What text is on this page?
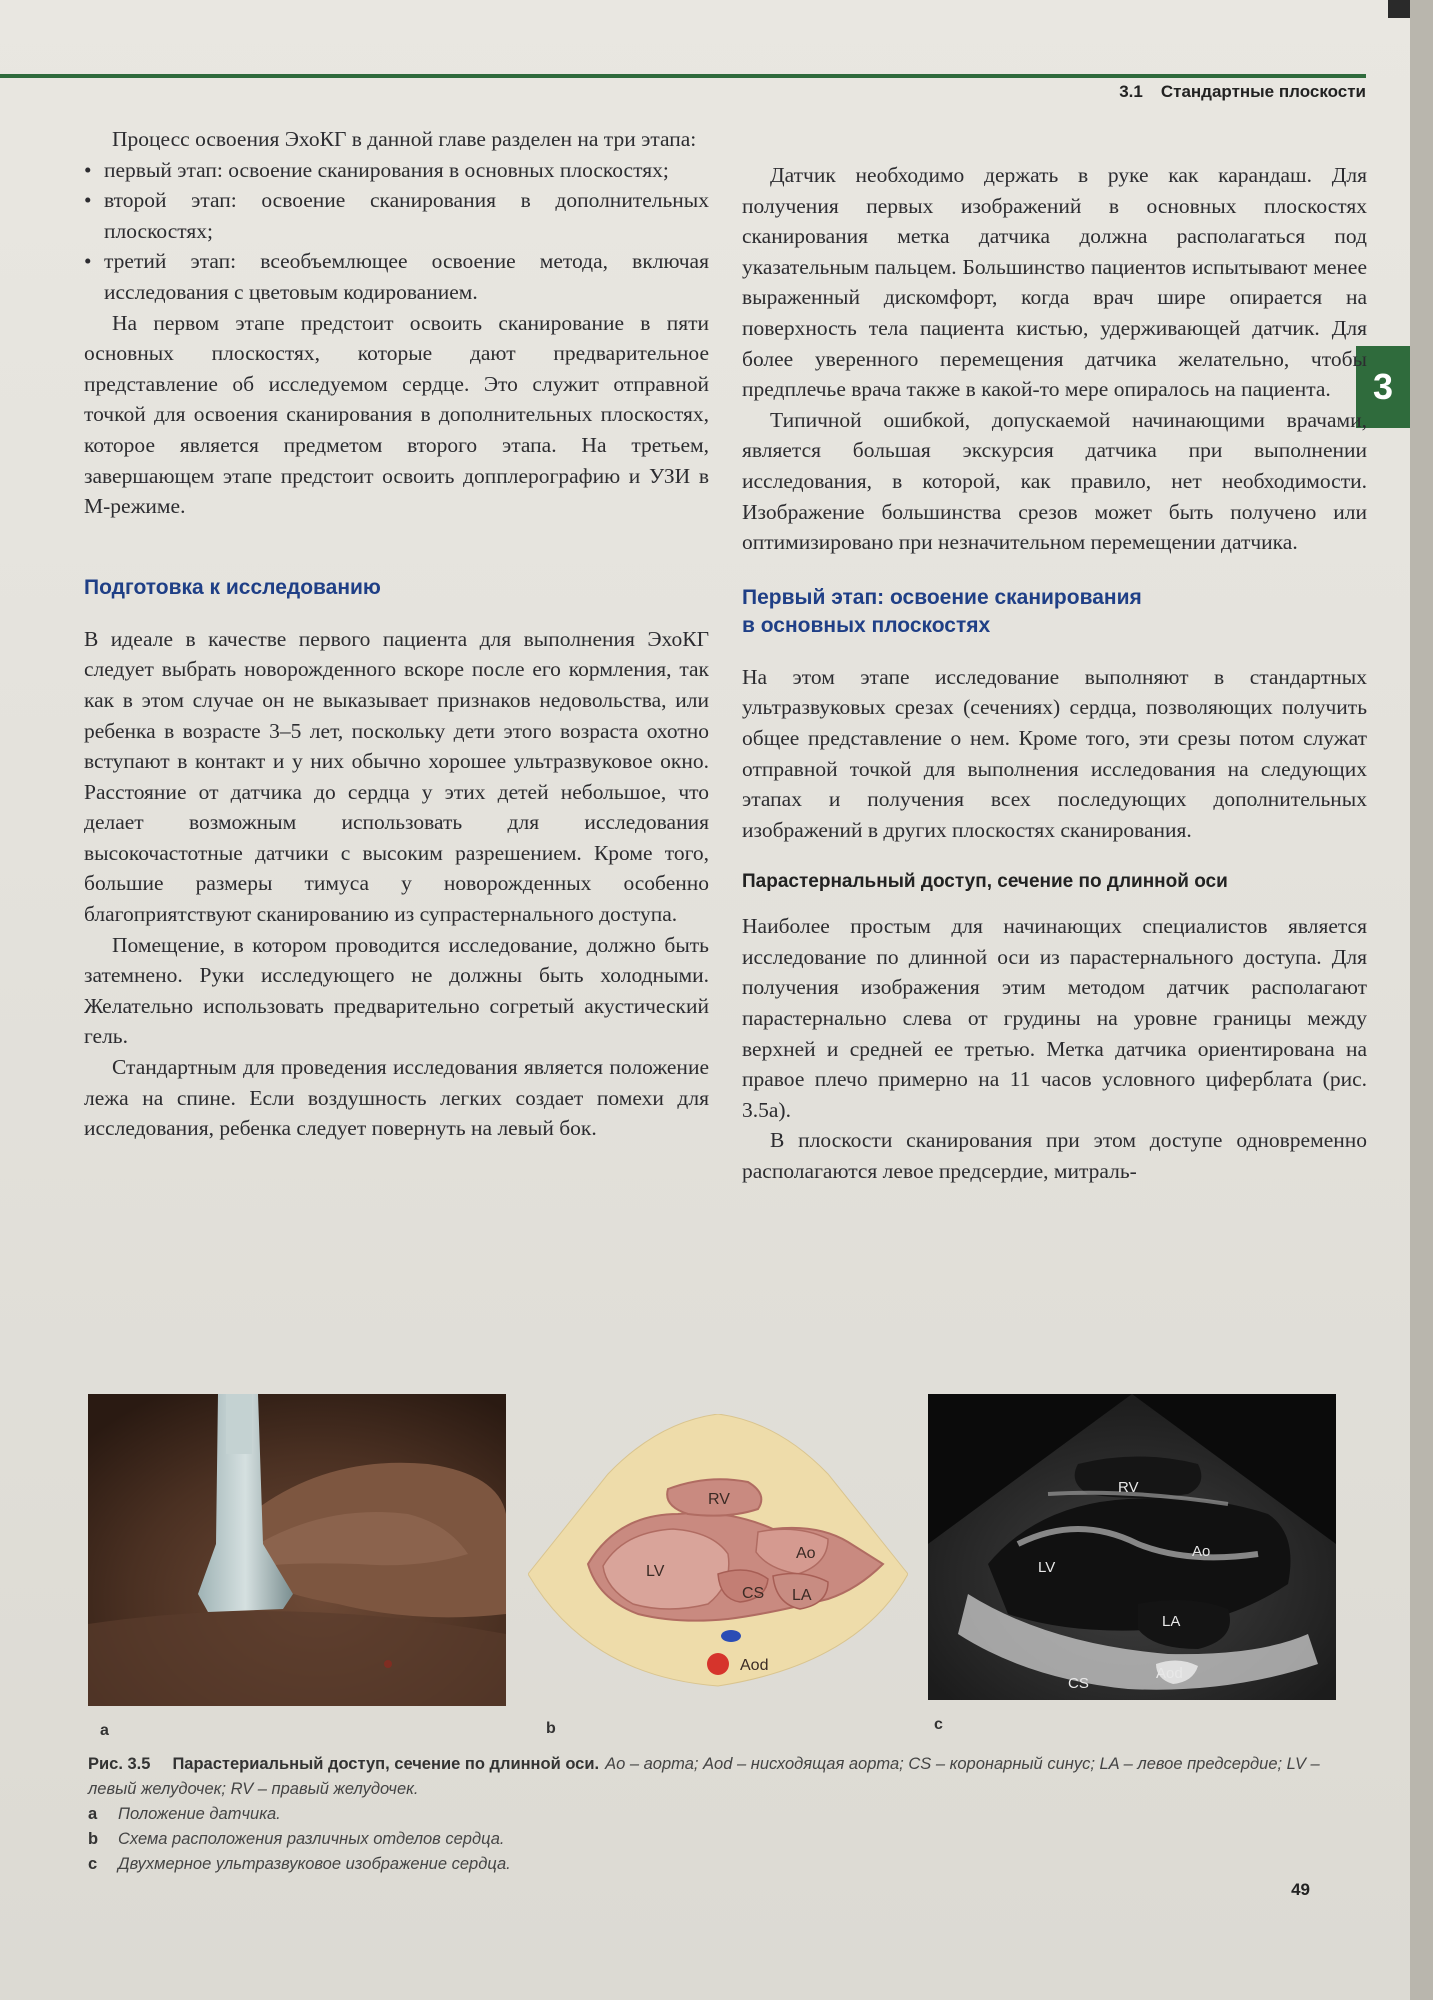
3.1 Стандартные плоскости
3

Процесс освоения ЭхоКГ в данной главе разделен на три этапа:

• первый этап: освоение сканирования в основных плоскостях;
• второй этап: освоение сканирования в дополнительных плоскостях;
• третий этап: всеобъемлющее освоение метода, включая исследования с цветовым кодированием.

На первом этапе предстоит освоить сканирование в пяти основных плоскостях, которые дают предварительное представление об исследуемом сердце. Это служит отправной точкой для освоения сканирования в дополнительных плоскостях, которое является предметом второго этапа. На третьем, завершающем этапе предстоит освоить допплерографию и УЗИ в М-режиме.

Подготовка к исследованию

В идеале в качестве первого пациента для выполнения ЭхоКГ следует выбрать новорожденного вскоре после его кормления, так как в этом случае он не выказывает признаков недовольства, или ребенка в возрасте 3–5 лет, поскольку дети этого возраста охотно вступают в контакт и у них обычно хорошее ультразвуковое окно. Расстояние от датчика до сердца у этих детей небольшое, что делает возможным использовать для исследования высокочастотные датчики с высоким разрешением. Кроме того, большие размеры тимуса у новорожденных особенно благоприятствуют сканированию из супрастернального доступа.

Помещение, в котором проводится исследование, должно быть затемнено. Руки исследующего не должны быть холодными. Желательно использовать предварительно согретый акустический гель.

Стандартным для проведения исследования является положение лежа на спине. Если воздушность легких создает помехи для исследования, ребенка следует повернуть на левый бок.

Датчик необходимо держать в руке как карандаш. Для получения первых изображений в основных плоскостях сканирования метка датчика должна располагаться под указательным пальцем. Большинство пациентов испытывают менее выраженный дискомфорт, когда врач шире опирается на поверхность тела пациента кистью, удерживающей датчик. Для более уверенного перемещения датчика желательно, чтобы предплечье врача также в какой-то мере опиралось на пациента.

Типичной ошибкой, допускаемой начинающими врачами, является большая экскурсия датчика при выполнении исследования, в которой, как правило, нет необходимости. Изображение большинства срезов может быть получено или оптимизировано при незначительном перемещении датчика.

Первый этап: освоение сканирования
в основных плоскостях

На этом этапе исследование выполняют в стандартных ультразвуковых срезах (сечениях) сердца, позволяющих получить общее представление о нем. Кроме того, эти срезы потом служат отправной точкой для выполнения исследования на следующих этапах и получения всех последующих дополнительных изображений в других плоскостях сканирования.

Парастернальный доступ, сечение по длинной оси

Наиболее простым для начинающих специалистов является исследование по длинной оси из парастернального доступа. Для получения изображения этим методом датчик располагают парастернально слева от грудины на уровне границы между верхней и средней ее третью. Метка датчика ориентирована на правое плечо примерно на 11 часов условного циферблата (рис. 3.5a).

В плоскости сканирования при этом доступе одновременно располагаются левое предсердие, митраль-

a
RV
LV
Ao
CS LA
Aod
b
RV
LV
Ao
LA
CS
Aod
c
Рис. 3.5 Парастериальный доступ, сечение по длинной оси. Ao – аорта; Aod – нисходящая аорта; CS – коронарный синус; LA – левое предсердие; LV – левый желудочек; RV – правый желудочек.
a Положение датчика.
b Схема расположения различных отделов сердца.
c Двухмерное ультразвуковое изображение сердца.
49
